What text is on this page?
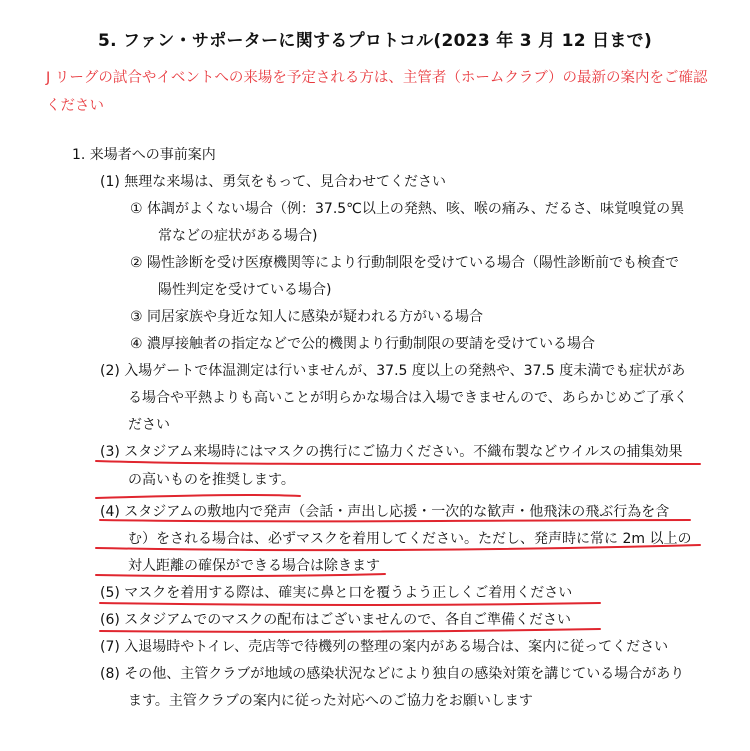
5. ファン・サポーターに関するプロトコル(2023 年 3 月 12 日まで)
J リーグの試合やイベントへの来場を予定される方は、主管者（ホームクラブ）の最新の案内をご確認ください
1. 来場者への事前案内
(1) 無理な来場は、勇気をもって、見合わせてください
① 体調がよくない場合（例：37.5℃以上の発熱、咳、喉の痛み、だるさ、味覚嗅覚の異
常などの症状がある場合)
② 陽性診断を受け医療機関等により行動制限を受けている場合（陽性診断前でも検査で
陽性判定を受けている場合)
③ 同居家族や身近な知人に感染が疑われる方がいる場合
④ 濃厚接触者の指定などで公的機関より行動制限の要請を受けている場合
(2) 入場ゲートで体温測定は行いませんが、37.5 度以上の発熱や、37.5 度未満でも症状があ
る場合や平熱よりも高いことが明らかな場合は入場できませんので、あらかじめご了承く
ださい
(3) スタジアム来場時にはマスクの携行にご協力ください。不織布製などウイルスの捕集効果
の高いものを推奨します。
(4) スタジアムの敷地内で発声（会話・声出し応援・一次的な歓声・他飛沫の飛ぶ行為を含
む）をされる場合は、必ずマスクを着用してください。ただし、発声時に常に 2m 以上の
対人距離の確保ができる場合は除きます
(5) マスクを着用する際は、確実に鼻と口を覆うよう正しくご着用ください
(6) スタジアムでのマスクの配布はございませんので、各自ご準備ください
(7) 入退場時やトイレ、売店等で待機列の整理の案内がある場合は、案内に従ってください
(8) その他、主管クラブが地域の感染状況などにより独自の感染対策を講じている場合があり
ます。主管クラブの案内に従った対応へのご協力をお願いします
